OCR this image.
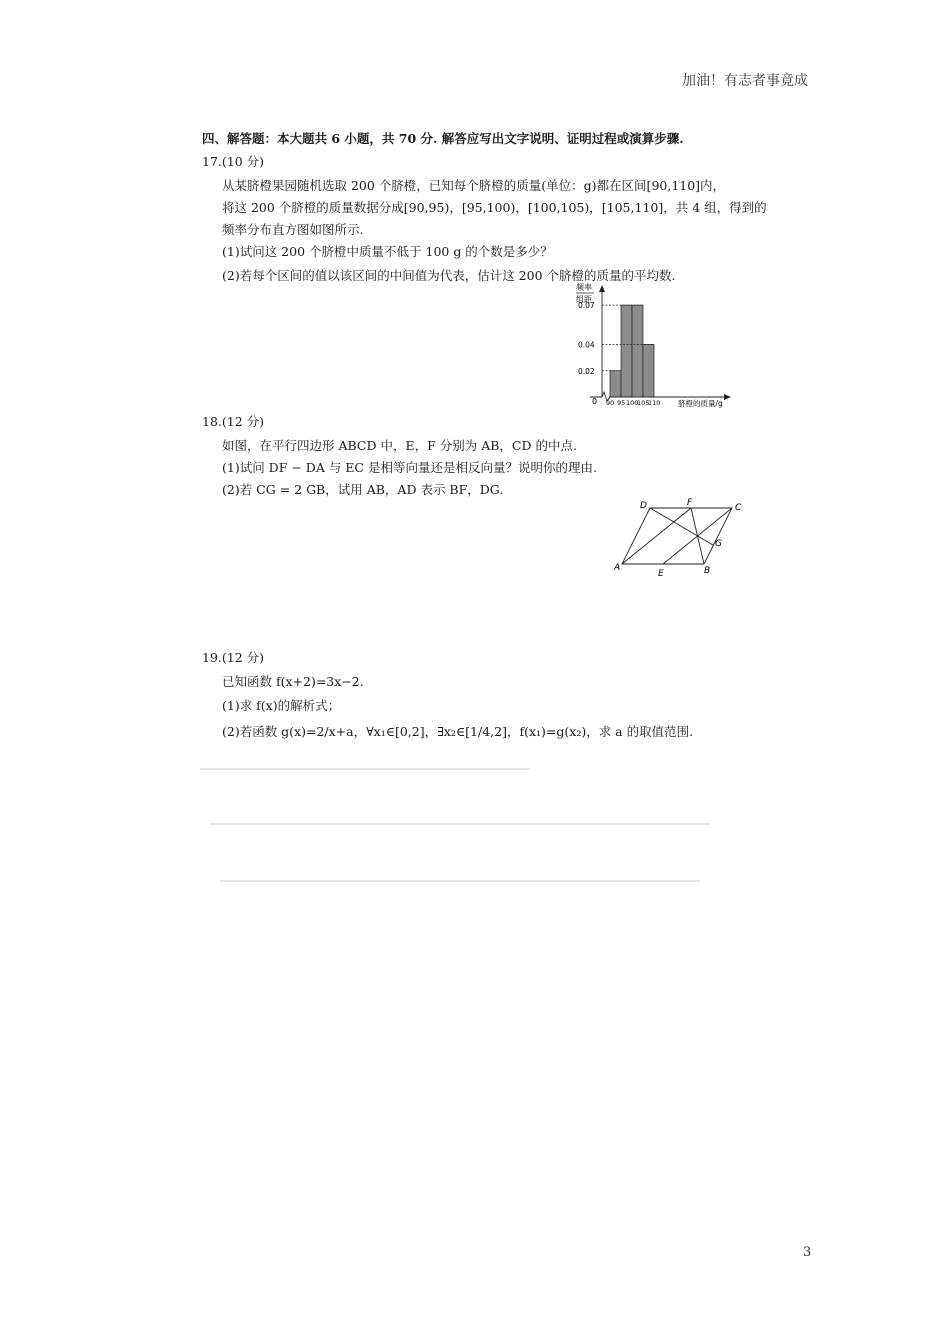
加油！有志者事竟成
四、解答题：本大题共 6 小题，共 70 分. 解答应写出文字说明、证明过程或演算步骤.
17.(10 分)
从某脐橙果园随机选取 200 个脐橙，已知每个脐橙的质量(单位：g)都在区间[90,110]内，
将这 200 个脐橙的质量数据分成[90,95)，[95,100)，[100,105)，[105,110]，共 4 组，得到的
频率分布直方图如图所示.
(1)试问这 200 个脐橙中质量不低于 100 g 的个数是多少？
(2)若每个区间的值以该区间的中间值为代表，估计这 200 个脐橙的质量的平均数.
频率
组距
0	脐橙的质量/g
0.02
0.04
0.07
90 95 100
105
110
18.(12 分)
如图，在平行四边形 ABCD 中，E，F 分别为 AB，CD 的中点.
(1)试问 DF − DA 与 EC 是相等向量还是相反向量？说明你的理由.
(2)若 CG = 2 GB，试用 AB，AD 表示 BF，DG.
A	B
C
D
E
F
G
19.(12 分)
已知函数 f(x+2)=3x−2.
(1)求 f(x)的解析式；
(2)若函数 g(x)=2/x+a，∀x₁∈[0,2]，∃x₂∈[1/4,2]，f(x₁)=g(x₂)，求 a 的取值范围.
3
